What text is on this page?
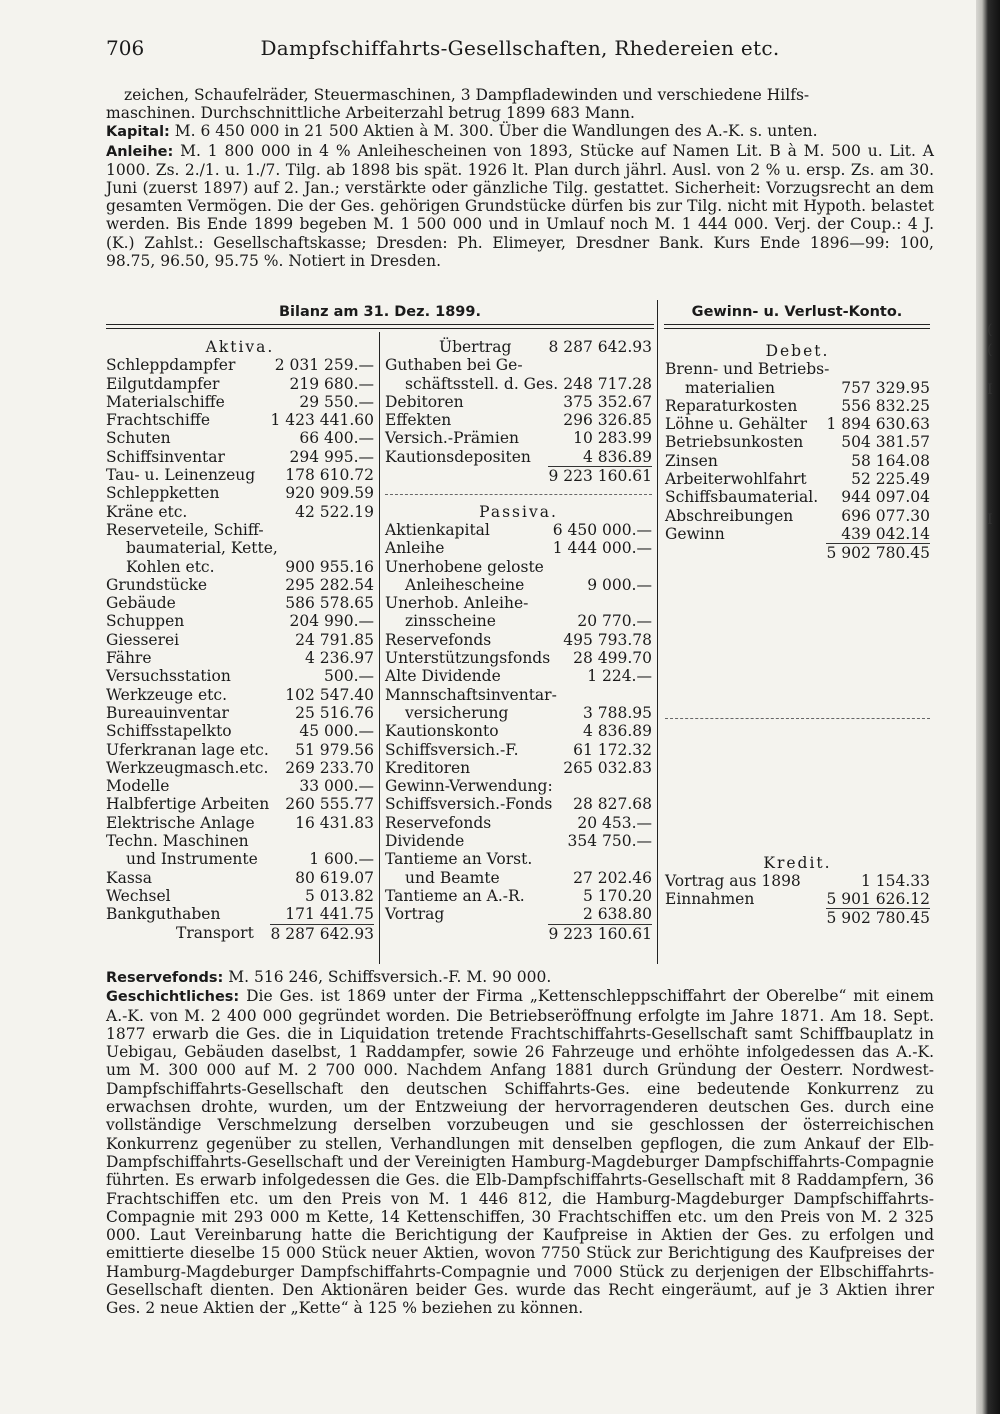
(
(
I
I
706	Dampfschiffahrts-Gesellschaften, Rhedereien etc.

zeichen, Schaufelräder, Steuermaschinen, 3 Dampfladewinden und verschiedene Hilfs-

maschinen. Durchschnittliche Arbeiterzahl betrug 1899 683 Mann.

Kapital: M. 6 450 000 in 21 500 Aktien à M. 300. Über die Wandlungen des A.-K. s. unten.

Anleihe: M. 1 800 000 in 4 % Anleihescheinen von 1893, Stücke auf Namen Lit. B à M. 500 u. Lit. A 1000. Zs. 2./1. u. 1./7. Tilg. ab 1898 bis spät. 1926 lt. Plan durch jährl. Ausl. von 2 % u. ersp. Zs. am 30. Juni (zuerst 1897) auf 2. Jan.; verstärkte oder gänzliche Tilg. gestattet. Sicherheit: Vorzugsrecht an dem gesamten Vermögen. Die der Ges. gehörigen Grundstücke dürfen bis zur Tilg. nicht mit Hypoth. belastet werden. Bis Ende 1899 begeben M. 1 500 000 und in Umlauf noch M. 1 444 000. Verj. der Coup.: 4 J. (K.) Zahlst.: Gesellschaftskasse; Dresden: Ph. Elimeyer, Dresdner Bank. Kurs Ende 1896—99: 100, 98.75, 96.50, 95.75 %. Notiert in Dresden.

Bilanz am 31. Dez. 1899.	Gewinn- u. Verlust-Konto.
Aktiva.
Schleppdampfer	2 031 259.—
Eilgutdampfer	219 680.—
Materialschiffe	29 550.—
Frachtschiffe	1 423 441.60
Schuten	66 400.—
Schiffsinventar	294 995.—
Tau- u. Leinenzeug 178 610.72
Schleppketten	920 909.59
Kräne etc.	42 522.19
Reserveteile, Schiff-
baumaterial, Kette,
Kohlen etc.	900 955.16
Grundstücke	295 282.54
Gebäude	586 578.65
Schuppen	204 990.—
Giesserei	24 791.85
Fähre	4 236.97
Versuchsstation	500.—
Werkzeuge etc.	102 547.40
Bureauinventar	25 516.76
Schiffsstapelkto	45 000.—
Uferkranan lage etc. 51 979.56
Werkzeugmasch.etc. 269 233.70
Modelle	33 000.—
Halbfertige Arbeiten 260 555.77
Elektrische Anlage	16 431.83
Techn. Maschinen
und Instrumente	1 600.—
Kassa	80 619.07
Wechsel	5 013.82
Bankguthaben	171 441.75
Transport 8 287 642.93
Übertrag 8 287 642.93
Guthaben bei Ge-
schäftsstell. d. Ges. 248 717.28
Debitoren	375 352.67
Effekten	296 326.85
Versich.-Prämien	10 283.99
Kautionsdepositen	4 836.89
9 223 160.61
Passiva.
Aktienkapital	6 450 000.—
Anleihe	1 444 000.—
Unerhobene geloste
Anleihescheine	9 000.—
Unerhob. Anleihe-
zinsscheine	20 770.—
Reservefonds	495 793.78
Unterstützungsfonds 28 499.70
Alte Dividende	1 224.—
Mannschaftsinventar-
versicherung	3 788.95
Kautionskonto	4 836.89
Schiffsversich.-F.	61 172.32
Kreditoren	265 032.83
Gewinn-Verwendung:
Schiffsversich.-Fonds 28 827.68
Reservefonds	20 453.—
Dividende	354 750.—
Tantieme an Vorst.
und Beamte	27 202.46
Tantieme an A.-R.	5 170.20
Vortrag	2 638.80
9 223 160.61
Debet.
Brenn- und Betriebs-
materialien	757 329.95
Reparaturkosten	556 832.25
Löhne u. Gehälter 1 894 630.63
Betriebsunkosten 504 381.57
Zinsen	58 164.08
Arbeiterwohlfahrt	52 225.49
Schiffsbaumaterial. 944 097.04
Abschreibungen	696 077.30
Gewinn	439 042.14
5 902 780.45
Kredit.
Vortrag aus 1898	1 154.33
Einnahmen	5 901 626.12
5 902 780.45

Reservefonds: M. 516 246, Schiffsversich.-F. M. 90 000.

Geschichtliches: Die Ges. ist 1869 unter der Firma „Kettenschleppschiffahrt der Oberelbe“ mit einem A.-K. von M. 2 400 000 gegründet worden. Die Betriebseröffnung erfolgte im Jahre 1871. Am 18. Sept. 1877 erwarb die Ges. die in Liquidation tretende Frachtschiffahrts-Gesellschaft samt Schiffbauplatz in Uebigau, Gebäuden daselbst, 1 Raddampfer, sowie 26 Fahrzeuge und erhöhte infolgedessen das A.-K. um M. 300 000 auf M. 2 700 000. Nachdem Anfang 1881 durch Gründung der Oesterr. Nordwest-Dampfschiffahrts-Gesellschaft den deutschen Schiffahrts-Ges. eine bedeutende Konkurrenz zu erwachsen drohte, wurden, um der Entzweiung der hervorragenderen deutschen Ges. durch eine vollständige Verschmelzung derselben vorzubeugen und sie geschlossen der österreichischen Konkurrenz gegenüber zu stellen, Verhandlungen mit denselben gepflogen, die zum Ankauf der Elb-Dampfschiffahrts-Gesellschaft und der Vereinigten Hamburg-Magdeburger Dampfschiffahrts-Compagnie führten. Es erwarb infolgedessen die Ges. die Elb-Dampfschiffahrts-Gesellschaft mit 8 Raddampfern, 36 Frachtschiffen etc. um den Preis von M. 1 446 812, die Hamburg-Magdeburger Dampfschiffahrts-Compagnie mit 293 000 m Kette, 14 Kettenschiffen, 30 Frachtschiffen etc. um den Preis von M. 2 325 000. Laut Vereinbarung hatte die Berichtigung der Kaufpreise in Aktien der Ges. zu erfolgen und emittierte dieselbe 15 000 Stück neuer Aktien, wovon 7750 Stück zur Berichtigung des Kaufpreises der Hamburg-Magdeburger Dampfschiffahrts-Compagnie und 7000 Stück zu derjenigen der Elbschiffahrts-Gesellschaft dienten. Den Aktionären beider Ges. wurde das Recht eingeräumt, auf je 3 Aktien ihrer Ges. 2 neue Aktien der „Kette“ à 125 % beziehen zu können.
